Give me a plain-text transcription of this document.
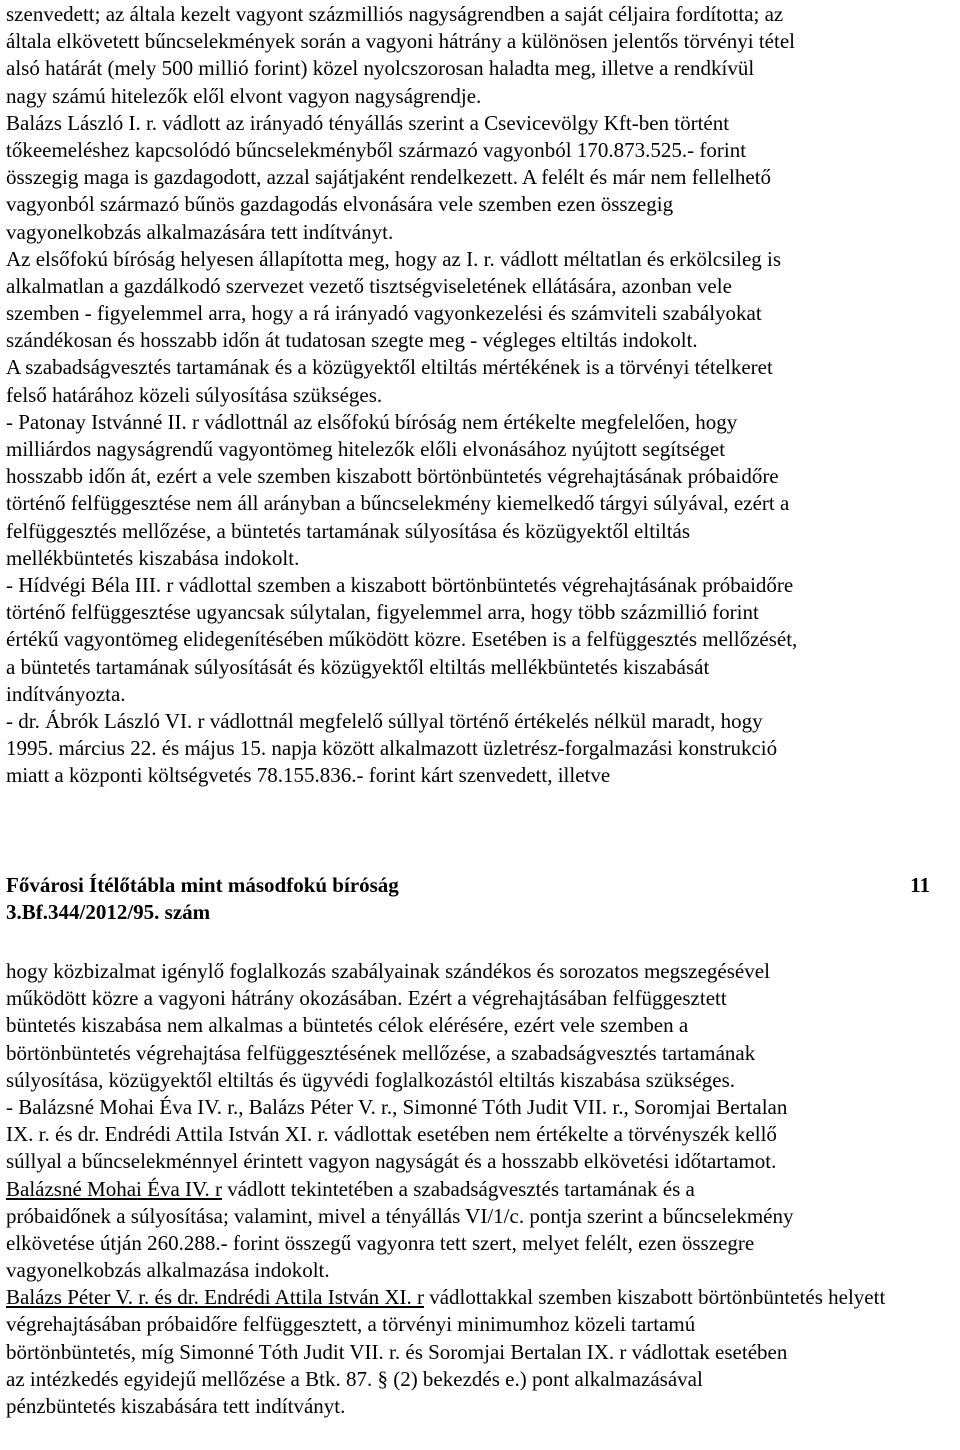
szenvedett; az általa kezelt vagyont százmilliós nagyságrendben a saját céljaira fordította; az
általa elkövetett bűncselekmények során a vagyoni hátrány a különösen jelentős törvényi tétel
alsó határát (mely 500 millió forint) közel nyolcszorosan haladta meg, illetve a rendkívül
nagy számú hitelezők elől elvont vagyon nagyságrendje.
Balázs László I. r. vádlott az irányadó tényállás szerint a Csevicevölgy Kft-ben történt
tőkeemeléshez kapcsolódó bűncselekményből származó vagyonból 170.873.525.- forint
összegig maga is gazdagodott, azzal sajátjaként rendelkezett. A felélt és már nem fellelhető
vagyonból származó bűnös gazdagodás elvonására vele szemben ezen összegig
vagyonelkobzás alkalmazására tett indítványt.
Az elsőfokú bíróság helyesen állapította meg, hogy az I. r. vádlott méltatlan és erkölcsileg is
alkalmatlan a gazdálkodó szervezet vezető tisztségviseletének ellátására, azonban vele
szemben - figyelemmel arra, hogy a rá irányadó vagyonkezelési és számviteli szabályokat
szándékosan és hosszabb időn át tudatosan szegte meg - végleges eltiltás indokolt.
A szabadságvesztés tartamának és a közügyektől eltiltás mértékének is a törvényi tételkeret
felső határához közeli súlyosítása szükséges.
- Patonay Istvánné II. r vádlottnál az elsőfokú bíróság nem értékelte megfelelően, hogy
milliárdos nagyságrendű vagyontömeg hitelezők előli elvonásához nyújtott segítséget
hosszabb időn át, ezért a vele szemben kiszabott börtönbüntetés végrehajtásának próbaidőre
történő felfüggesztése nem áll arányban a bűncselekmény kiemelkedő tárgyi súlyával, ezért a
felfüggesztés mellőzése, a büntetés tartamának súlyosítása és közügyektől eltiltás
mellékbüntetés kiszabása indokolt.
- Hídvégi Béla III. r vádlottal szemben a kiszabott börtönbüntetés végrehajtásának próbaidőre
történő felfüggesztése ugyancsak súlytalan, figyelemmel arra, hogy több százmillió forint
értékű vagyontömeg elidegenítésében működött közre. Esetében is a felfüggesztés mellőzését,
a büntetés tartamának súlyosítását és közügyektől eltiltás mellékbüntetés kiszabását
indítványozta.
- dr. Ábrók László VI. r vádlottnál megfelelő súllyal történő értékelés nélkül maradt, hogy
1995. március 22. és május 15. napja között alkalmazott üzletrész-forgalmazási konstrukció
miatt a központi költségvetés 78.155.836.- forint kárt szenvedett, illetve
Fővárosi Ítélőtábla mint másodfokú bíróság	11
3.Bf.344/2012/95. szám
hogy közbizalmat igénylő foglalkozás szabályainak szándékos és sorozatos megszegésével
működött közre a vagyoni hátrány okozásában. Ezért a végrehajtásában felfüggesztett
büntetés kiszabása nem alkalmas a büntetés célok elérésére, ezért vele szemben a
börtönbüntetés végrehajtása felfüggesztésének mellőzése, a szabadságvesztés tartamának
súlyosítása, közügyektől eltiltás és ügyvédi foglalkozástól eltiltás kiszabása szükséges.
- Balázsné Mohai Éva IV. r., Balázs Péter V. r., Simonné Tóth Judit VII. r., Soromjai Bertalan
IX. r. és dr. Endrédi Attila István XI. r. vádlottak esetében nem értékelte a törvényszék kellő
súllyal a bűncselekménnyel érintett vagyon nagyságát és a hosszabb elkövetési időtartamot.
Balázsné Mohai Éva IV. r vádlott tekintetében a szabadságvesztés tartamának és a
próbaidőnek a súlyosítása; valamint, mivel a tényállás VI/1/c. pontja szerint a bűncselekmény
elkövetése útján 260.288.- forint összegű vagyonra tett szert, melyet felélt, ezen összegre
vagyonelkobzás alkalmazása indokolt.
Balázs Péter V. r. és dr. Endrédi Attila István XI. r vádlottakkal szemben kiszabott börtönbüntetés helyett
végrehajtásában próbaidőre felfüggesztett, a törvényi minimumhoz közeli tartamú
börtönbüntetés, míg Simonné Tóth Judit VII. r. és Soromjai Bertalan IX. r vádlottak esetében
az intézkedés egyidejű mellőzése a Btk. 87. § (2) bekezdés e.) pont alkalmazásával
pénzbüntetés kiszabására tett indítványt.
